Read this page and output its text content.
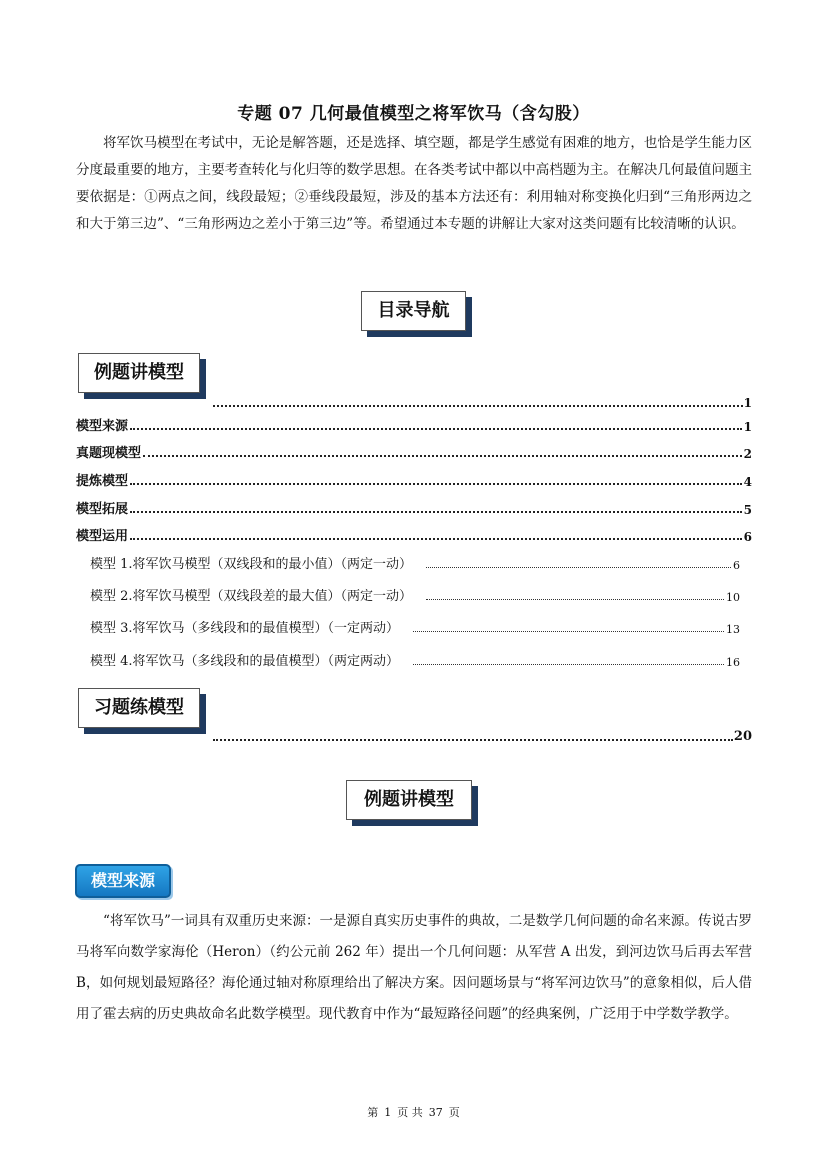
专题 07 几何最值模型之将军饮马（含勾股）

将军饮马模型在考试中，无论是解答题，还是选择、填空题，都是学生感觉有困难的地方，也恰是学生能力区分度最重要的地方，主要考查转化与化归等的数学思想。在各类考试中都以中高档题为主。在解决几何最值问题主要依据是：①两点之间，线段最短；②垂线段最短，涉及的基本方法还有：利用轴对称变换化归到“三角形两边之和大于第三边”、“三角形两边之差小于第三边”等。希望通过本专题的讲解让大家对这类问题有比较清晰的认识。

目录导航
例题讲模型
1
模型来源	1
真题现模型	2
提炼模型	4
模型拓展	5
模型运用	6
模型 1.将军饮马模型（双线段和的最小值）（两定一动）	6
模型 2.将军饮马模型（双线段差的最大值）（两定一动）	10
模型 3.将军饮马（多线段和的最值模型）（一定两动）	13
模型 4.将军饮马（多线段和的最值模型）（两定两动）	16
习题练模型
20
例题讲模型
模型来源

“将军饮马”一词具有双重历史来源：一是源自真实历史事件的典故，二是数学几何问题的命名来源。传说古罗马将军向数学家海伦（Heron）（约公元前 262 年）提出一个几何问题：从军营 A 出发，到河边饮马后再去军营 B，如何规划最短路径？海伦通过轴对称原理给出了解决方案。因问题场景与“将军河边饮马”的意象相似，后人借用了霍去病的历史典故命名此数学模型。现代教育中作为“最短路径问题”的经典案例，广泛用于中学数学教学。

第 1 页 共 37 页
